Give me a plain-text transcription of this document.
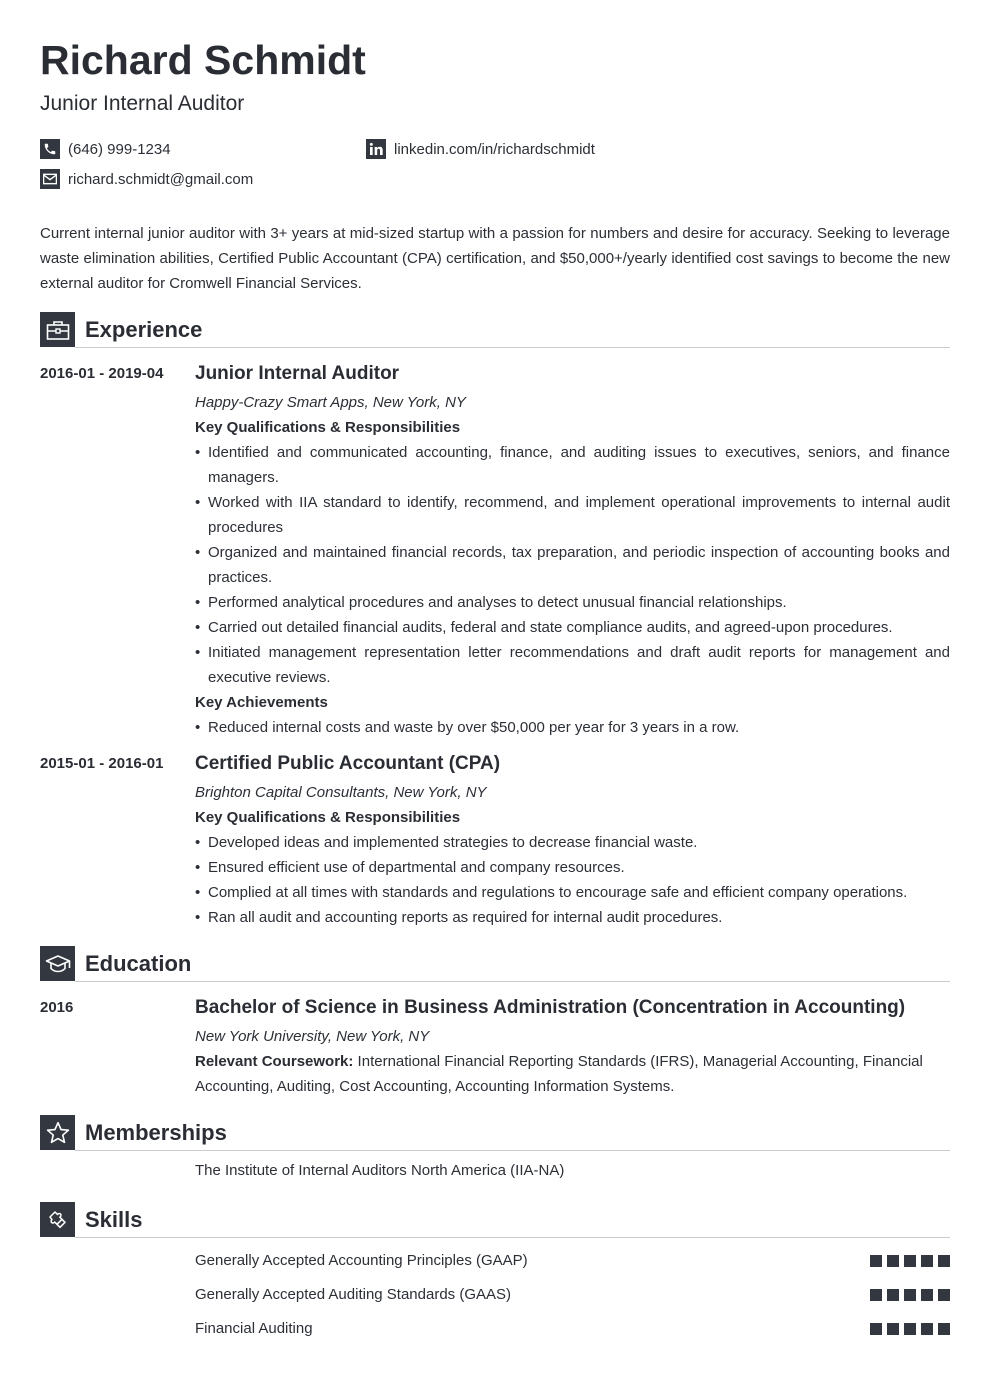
Richard Schmidt
Junior Internal Auditor
(646) 999-1234	linkedin.com/in/richardschmidt
richard.schmidt@gmail.com
Current internal junior auditor with 3+ years at mid-sized startup with a passion for numbers and desire for accuracy. Seeking to leverage waste elimination abilities, Certified Public Accountant (CPA) certification, and $50,000+/yearly identified cost savings to become the new external auditor for Cromwell Financial Services.
Experience
2016-01 - 2019-04 Junior Internal Auditor
Happy-Crazy Smart Apps, New York, NY
Key Qualifications & Responsibilities
• Identified and communicated accounting, finance, and auditing issues to executives, seniors, and finance managers.
• Worked with IIA standard to identify, recommend, and implement operational improvements to internal audit procedures
• Organized and maintained financial records, tax preparation, and periodic inspection of accounting books and practices.
• Performed analytical procedures and analyses to detect unusual financial relationships.
• Carried out detailed financial audits, federal and state compliance audits, and agreed-upon procedures.
• Initiated management representation letter recommendations and draft audit reports for management and executive reviews.
Key Achievements
• Reduced internal costs and waste by over $50,000 per year for 3 years in a row.
2015-01 - 2016-01 Certified Public Accountant (CPA)
Brighton Capital Consultants, New York, NY
Key Qualifications & Responsibilities
• Developed ideas and implemented strategies to decrease financial waste.
• Ensured efficient use of departmental and company resources.
• Complied at all times with standards and regulations to encourage safe and efficient company operations.
• Ran all audit and accounting reports as required for internal audit procedures.
Education
2016	Bachelor of Science in Business Administration (Concentration in Accounting)
New York University, New York, NY
Relevant Coursework: International Financial Reporting Standards (IFRS), Managerial Accounting, Financial Accounting, Auditing, Cost Accounting, Accounting Information Systems.
Memberships
The Institute of Internal Auditors North America (IIA-NA)
Skills
Generally Accepted Accounting Principles (GAAP)
Generally Accepted Auditing Standards (GAAS)
Financial Auditing
